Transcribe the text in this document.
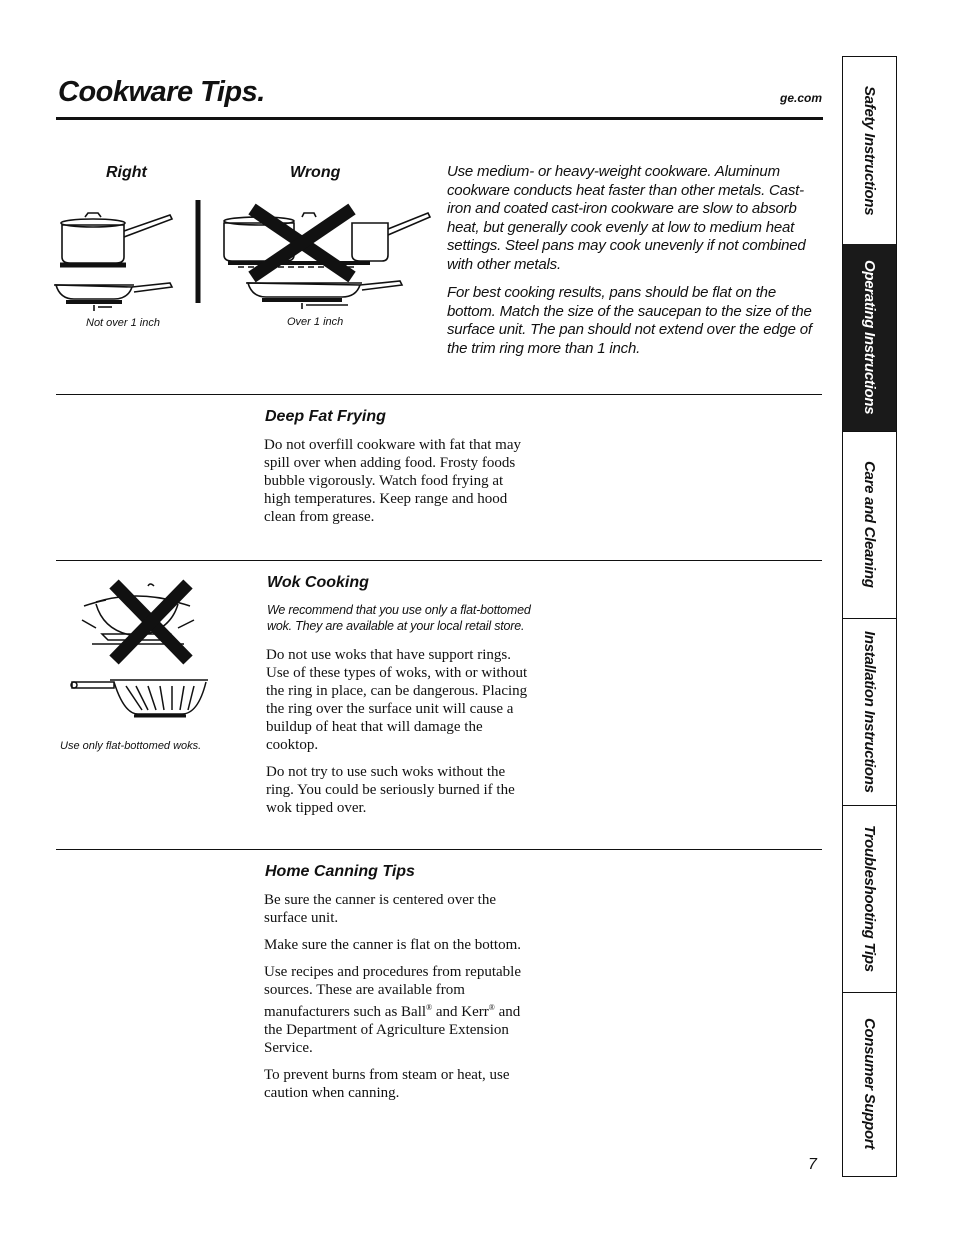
Cookware Tips.	ge.com
Right	Wrong
Not over 1 inch	Over 1 inch

Use medium- or heavy-weight cookware. Aluminum cookware conducts heat faster than other metals. Cast-iron and coated cast-iron cookware are slow to absorb heat, but generally cook evenly at low to medium heat settings. Steel pans may cook unevenly if not combined with other metals.

For best cooking results, pans should be flat on the bottom. Match the size of the saucepan to the size of the surface unit. The pan should not extend over the edge of the trim ring more than 1 inch.

Deep Fat Frying

Do not overfill cookware with fat that may spill over when adding food. Frosty foods bubble vigorously. Watch food frying at high temperatures. Keep range and hood clean from grease.

Use only flat-bottomed woks.
Wok Cooking
We recommend that you use only a flat-bottomed wok. They are available at your local retail store.

Do not use woks that have support rings. Use of these types of woks, with or without the ring in place, can be dangerous. Placing the ring over the surface unit will cause a buildup of heat that will damage the cooktop.

Do not try to use such woks without the ring. You could be seriously burned if the wok tipped over.

Home Canning Tips

Be sure the canner is centered over the surface unit.

Make sure the canner is flat on the bottom.

Use recipes and procedures from reputable sources. These are available from manufacturers such as Ball® and Kerr® and the Department of Agriculture Extension Service.

To prevent burns from steam or heat, use caution when canning.

Safety Instructions
Operating Instructions
Care and Cleaning
Installation Instructions
Troubleshooting Tips
Consumer Support
7
